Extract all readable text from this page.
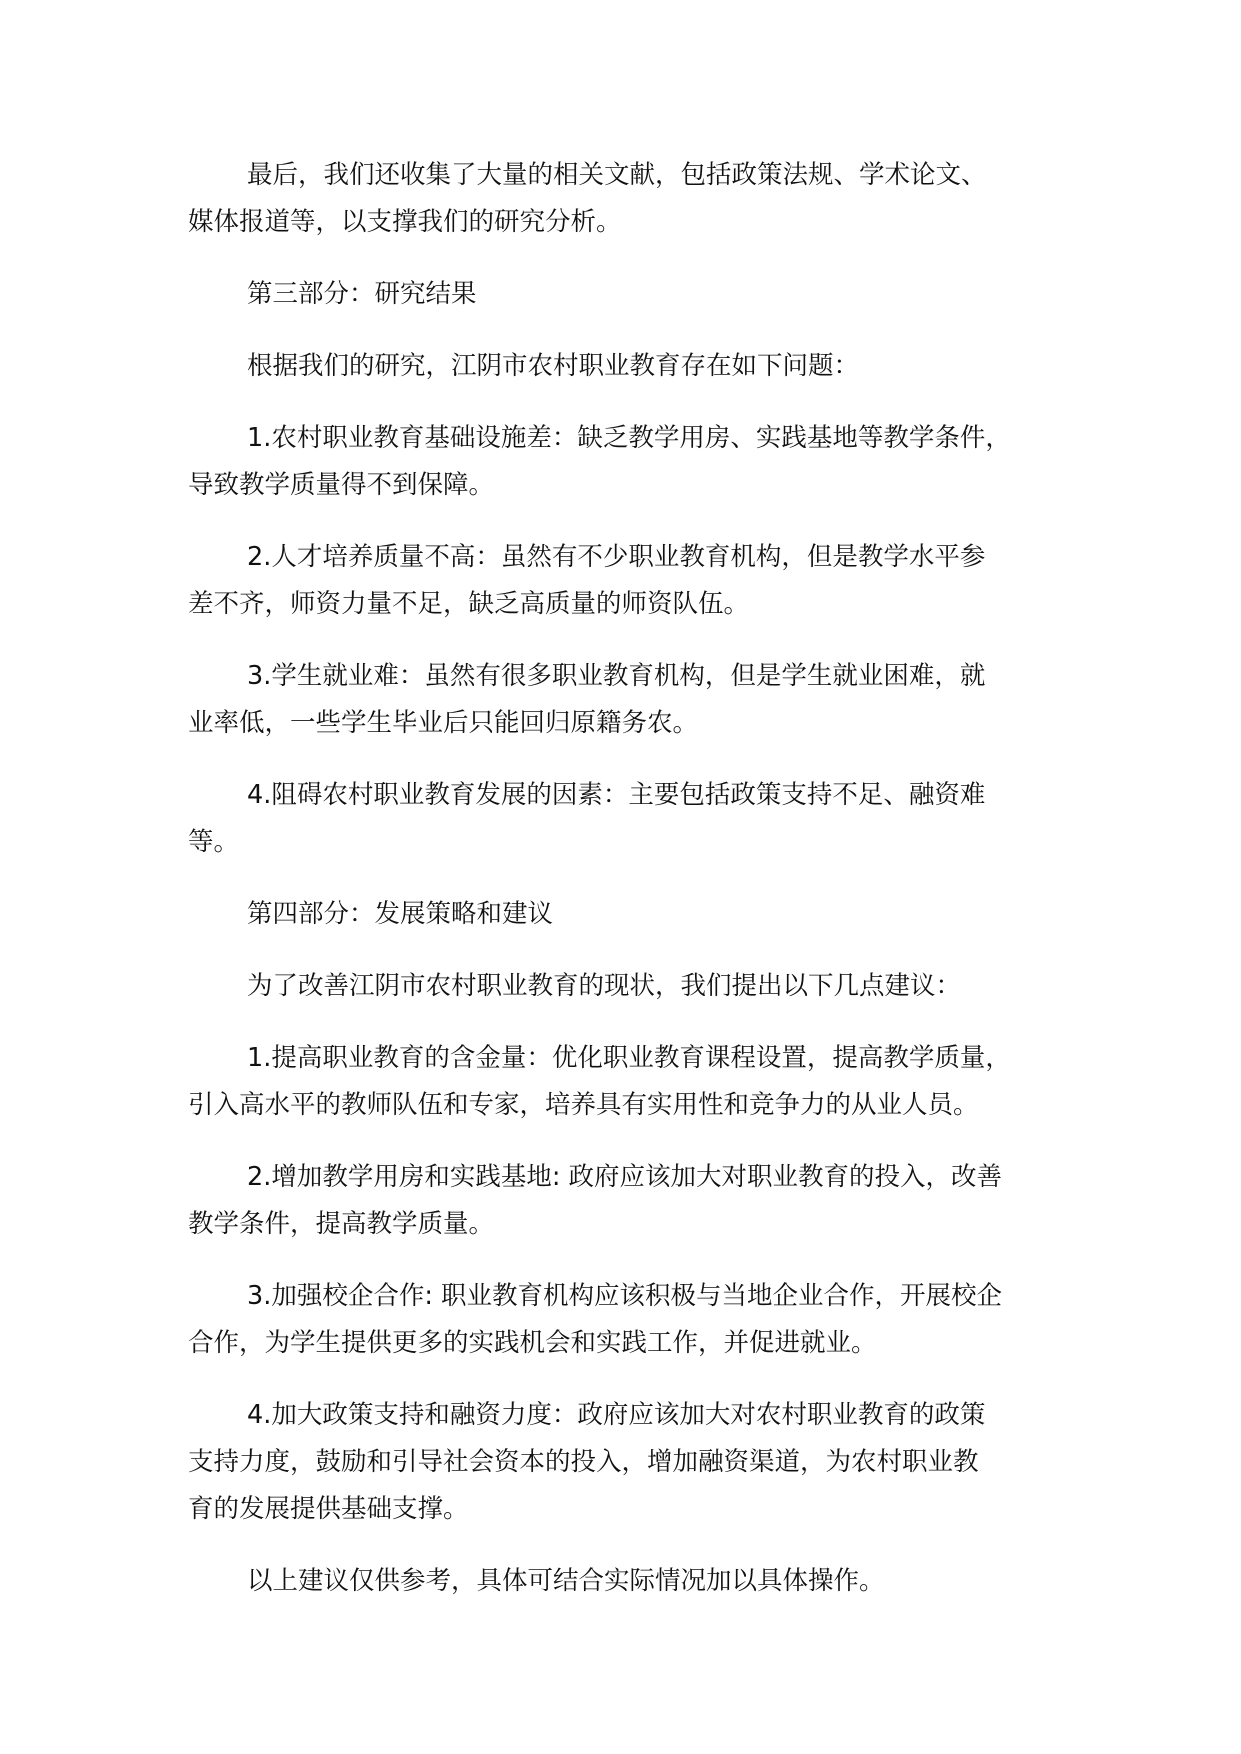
最后，我们还收集了大量的相关文献，包括政策法规、学术论文、
媒体报道等，以支撑我们的研究分析。

第三部分：研究结果

根据我们的研究，江阴市农村职业教育存在如下问题：

1.农村职业教育基础设施差：缺乏教学用房、实践基地等教学条件，
导致教学质量得不到保障。

2.人才培养质量不高：虽然有不少职业教育机构，但是教学水平参
差不齐，师资力量不足，缺乏高质量的师资队伍。

3.学生就业难：虽然有很多职业教育机构，但是学生就业困难，就
业率低，一些学生毕业后只能回归原籍务农。

4.阻碍农村职业教育发展的因素：主要包括政策支持不足、融资难
等。

第四部分：发展策略和建议

为了改善江阴市农村职业教育的现状，我们提出以下几点建议：

1.提高职业教育的含金量：优化职业教育课程设置，提高教学质量，
引入高水平的教师队伍和专家，培养具有实用性和竞争力的从业人员。

2.增加教学用房和实践基地: 政府应该加大对职业教育的投入，改善
教学条件，提高教学质量。

3.加强校企合作: 职业教育机构应该积极与当地企业合作，开展校企
合作，为学生提供更多的实践机会和实践工作，并促进就业。

4.加大政策支持和融资力度：政府应该加大对农村职业教育的政策
支持力度，鼓励和引导社会资本的投入，增加融资渠道，为农村职业教
育的发展提供基础支撑。

以上建议仅供参考，具体可结合实际情况加以具体操作。
